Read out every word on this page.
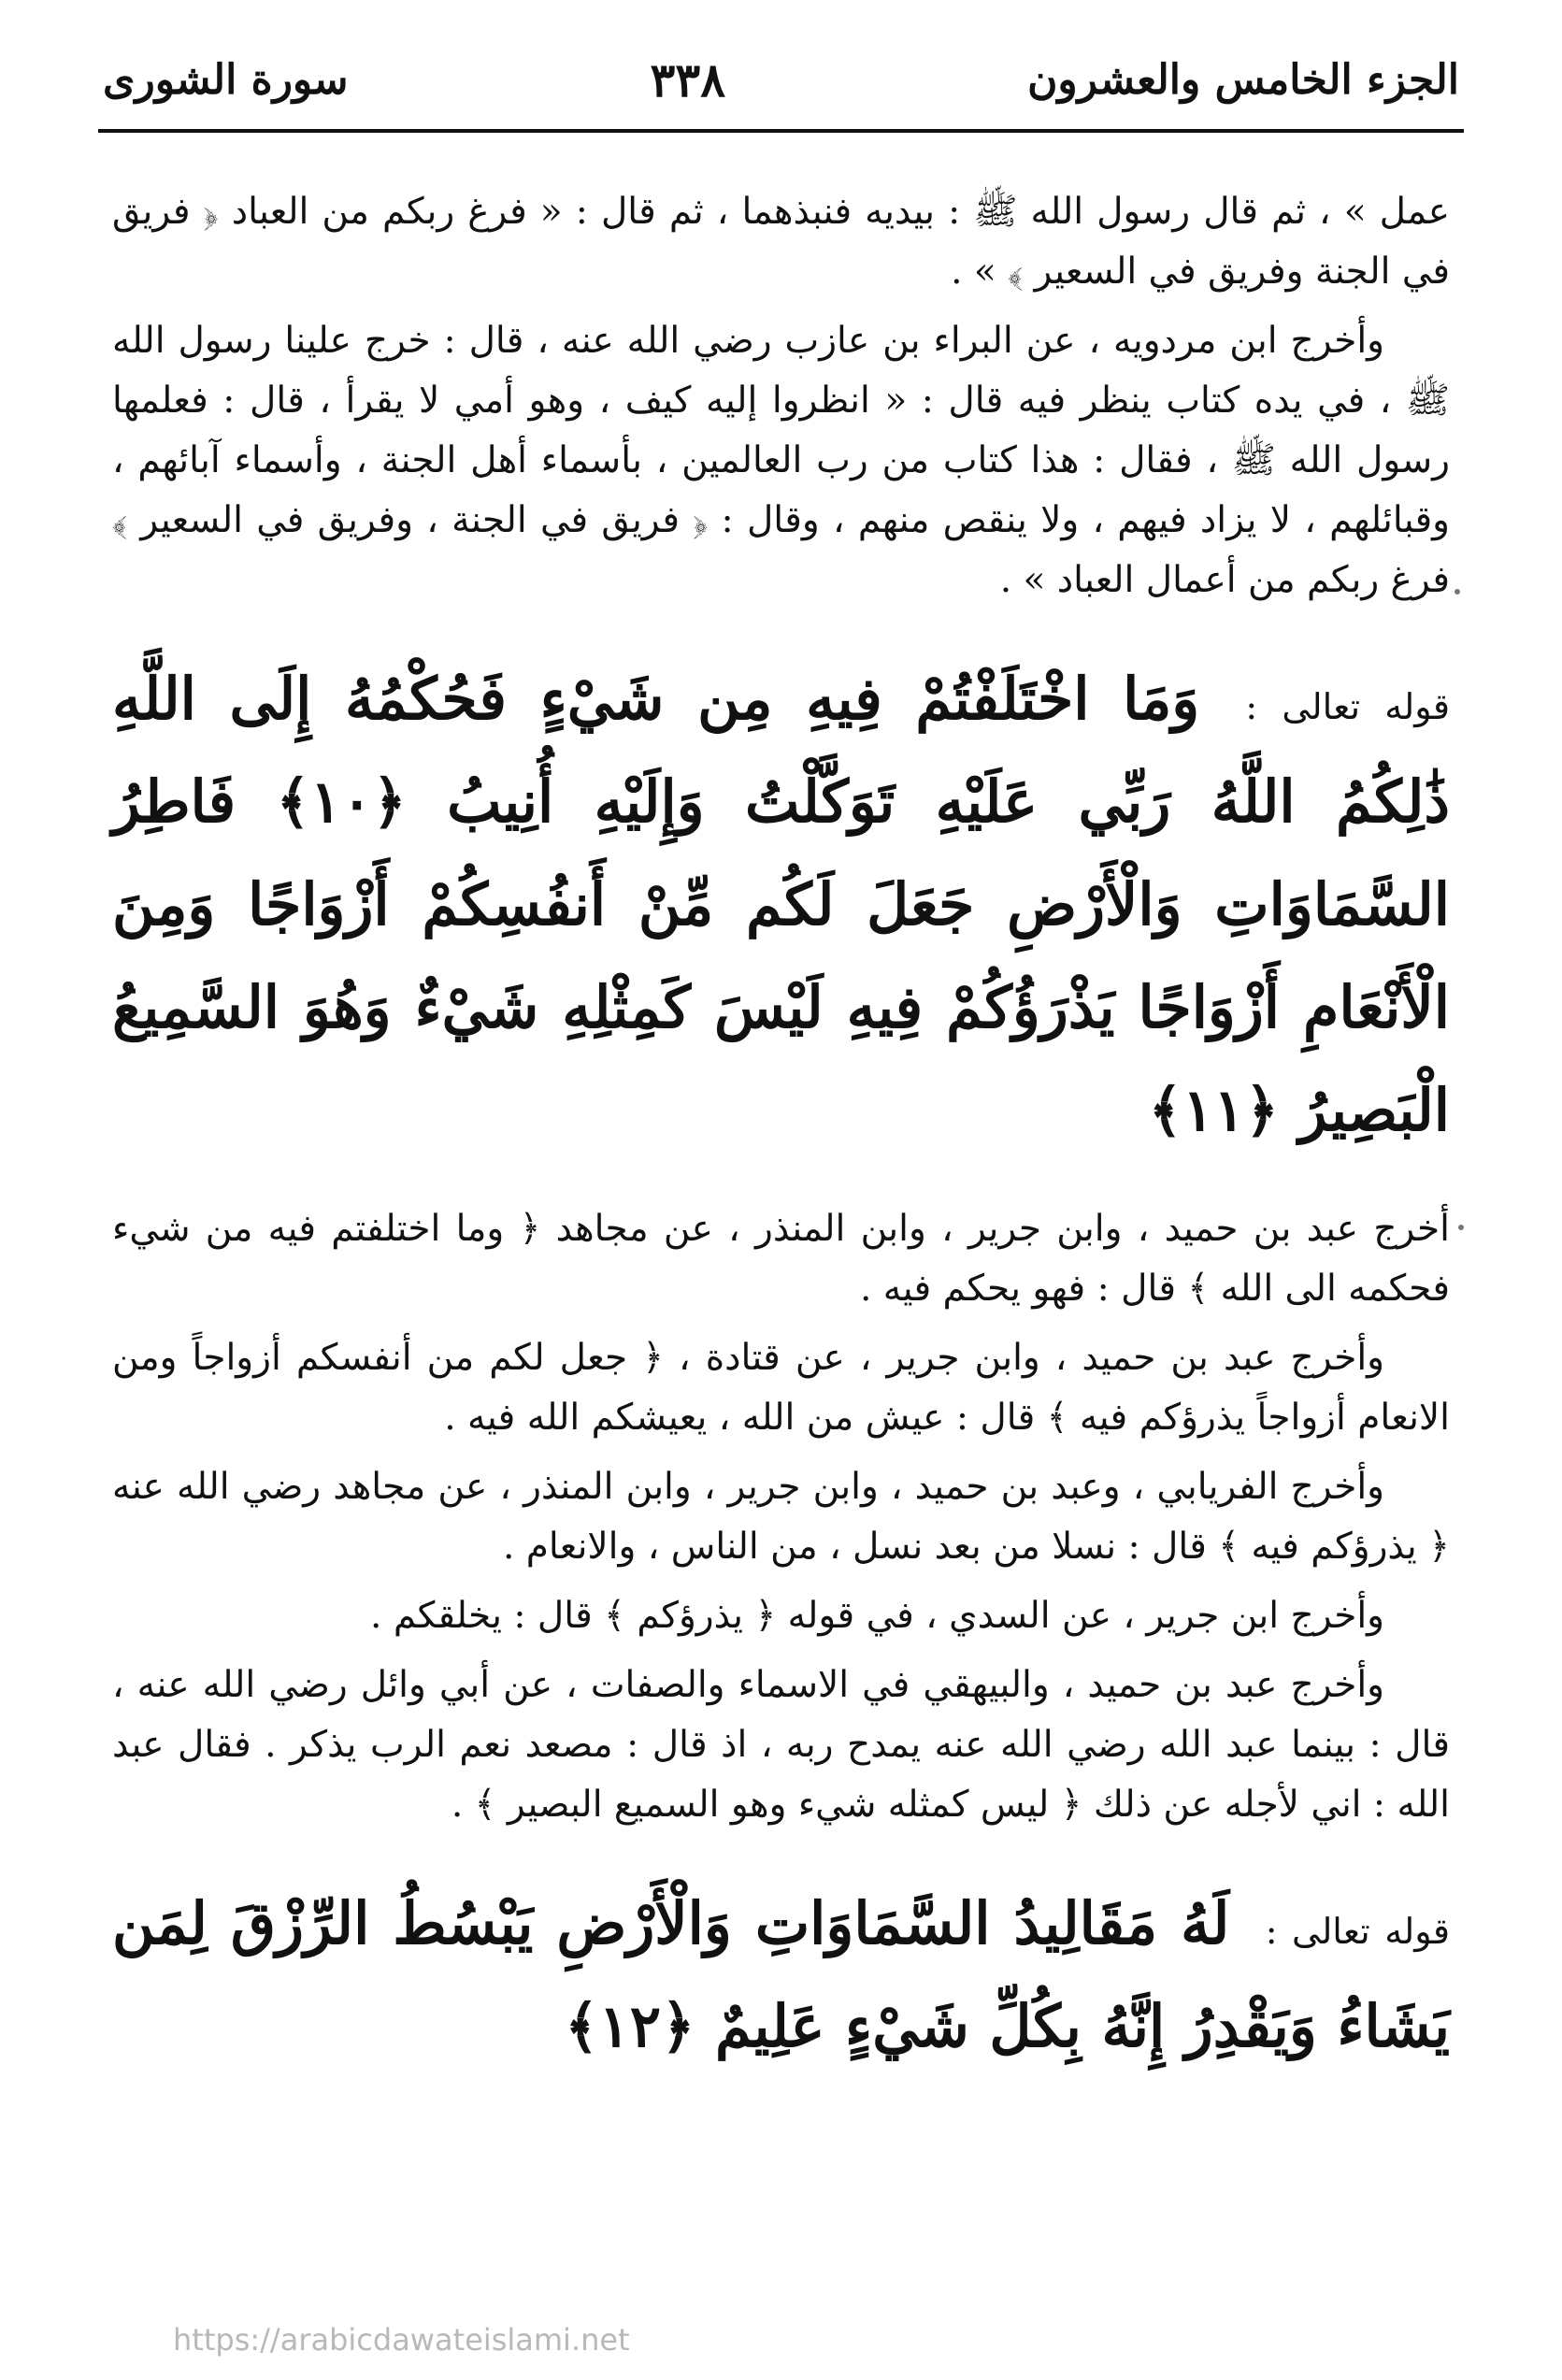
الجزء الخامس والعشرون
٣٣٨
سورة الشورى

عمل » ، ثم قال رسول الله ﷺ : بيديه فنبذهما ، ثم قال : « فرغ ربكم من العباد ﴿ فريق في الجنة وفريق في السعير ﴾ » .

وأخرج ابن مردويه ، عن البراء بن عازب رضي الله عنه ، قال : خرج علينا رسول الله ﷺ ، في يده كتاب ينظر فيه قال : « انظروا إليه كيف ، وهو أمي لا يقرأ ، قال : فعلمها رسول الله ﷺ ، فقال : هذا كتاب من رب العالمين ، بأسماء أهل الجنة ، وأسماء آبائهم ، وقبائلهم ، لا يزاد فيهم ، ولا ينقص منهم ، وقال : ﴿ فريق في الجنة ، وفريق في السعير ﴾ فرغ ربكم من أعمال العباد » .

قوله تعالى : وَمَا اخْتَلَفْتُمْ فِيهِ مِن شَيْءٍ فَحُكْمُهُ إِلَى اللَّهِ ذَٰلِكُمُ اللَّهُ رَبِّي عَلَيْهِ تَوَكَّلْتُ وَإِلَيْهِ أُنِيبُ ﴿١٠﴾ فَاطِرُ السَّمَاوَاتِ وَالْأَرْضِ جَعَلَ لَكُم مِّنْ أَنفُسِكُمْ أَزْوَاجًا وَمِنَ الْأَنْعَامِ أَزْوَاجًا يَذْرَؤُكُمْ فِيهِ لَيْسَ كَمِثْلِهِ شَيْءٌ وَهُوَ السَّمِيعُ الْبَصِيرُ ﴿١١﴾

أخرج عبد بن حميد ، وابن جرير ، وابن المنذر ، عن مجاهد ﴿ وما اختلفتم فيه من شيء فحكمه الى الله ﴾ قال : فهو يحكم فيه .

وأخرج عبد بن حميد ، وابن جرير ، عن قتادة ، ﴿ جعل لكم من أنفسكم أزواجاً ومن الانعام أزواجاً يذرؤكم فيه ﴾ قال : عيش من الله ، يعيشكم الله فيه .

وأخرج الفريابي ، وعبد بن حميد ، وابن جرير ، وابن المنذر ، عن مجاهد رضي الله عنه ﴿ يذرؤكم فيه ﴾ قال : نسلا من بعد نسل ، من الناس ، والانعام .

وأخرج ابن جرير ، عن السدي ، في قوله ﴿ يذرؤكم ﴾ قال : يخلقكم .

وأخرج عبد بن حميد ، والبيهقي في الاسماء والصفات ، عن أبي وائل رضي الله عنه ، قال : بينما عبد الله رضي الله عنه يمدح ربه ، اذ قال : مصعد نعم الرب يذكر . فقال عبد الله : اني لأجله عن ذلك ﴿ ليس كمثله شيء وهو السميع البصير ﴾ .

قوله تعالى : لَهُ مَقَالِيدُ السَّمَاوَاتِ وَالْأَرْضِ يَبْسُطُ الرِّزْقَ لِمَن يَشَاءُ وَيَقْدِرُ إِنَّهُ بِكُلِّ شَيْءٍ عَلِيمٌ ﴿١٢﴾
https://arabicdawateislami.net
